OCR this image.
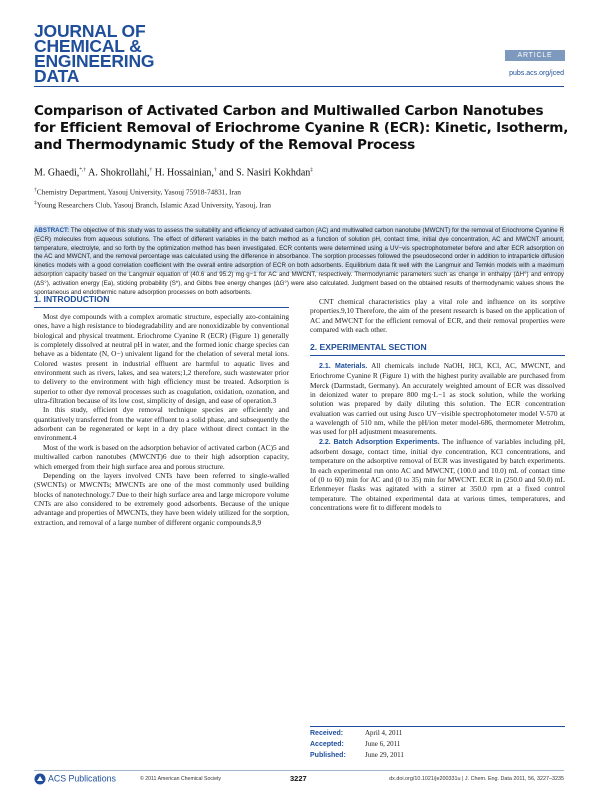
JOURNAL OF
CHEMICAL &
ENGINEERING
DATA
ARTICLE
pubs.acs.org/jced
Comparison of Activated Carbon and Multiwalled Carbon Nanotubes for Efficient Removal of Eriochrome Cyanine R (ECR): Kinetic, Isotherm, and Thermodynamic Study of the Removal Process
M. Ghaedi,*,† A. Shokrollahi,† H. Hossainian,† and S. Nasiri Kokhdan‡
†Chemistry Department, Yasouj University, Yasouj 75918-74831, Iran
‡Young Researchers Club, Yasouj Branch, Islamic Azad University, Yasouj, Iran
ABSTRACT: The objective of this study was to assess the suitability and efficiency of activated carbon (AC) and multiwalled carbon nanotube (MWCNT) for the removal of Eriochrome Cyanine R (ECR) molecules from aqueous solutions. The effect of different variables in the batch method as a function of solution pH, contact time, initial dye concentration, AC and MWCNT amount, temperature, electrolyte, and so forth by the optimization method has been investigated. ECR contents were determined using a UV−vis spectrophotometer before and after ECR adsorption on the AC and MWCNT, and the removal percentage was calculated using the difference in absorbance. The sorption processes followed the pseudosecond order in addition to intraparticle diffusion kinetics models with a good correlation coefficient with the overall entire adsorption of ECR on both adsorbents. Equilibrium data fit well with the Langmuir and Temkin models with a maximum adsorption capacity based on the Langmuir equation of (40.6 and 95.2) mg·g−1 for AC and MWCNT, respectively. Thermodynamic parameters such as change in enthalpy (ΔH°) and entropy (ΔS°), activation energy (Ea), sticking probability (S*), and Gibbs free energy changes (ΔG°) were also calculated. Judgment based on the obtained results of thermodynamic values shows the spontaneous and endothermic nature adsorption processes on both adsorbents.
1. INTRODUCTION

Most dye compounds with a complex aromatic structure, especially azo-containing ones, have a high resistance to biodegradability and are nonoxidizable by conventional biological and physical treatment. Eriochrome Cyanine R (ECR) (Figure 1) generally is completely dissolved at neutral pH in water, and the formed ionic charge species can behave as a bidentate (N, O−) univalent ligand for the chelation of several metal ions. Colored wastes present in industrial effluent are harmful to aquatic lives and environment such as rivers, lakes, and sea waters;1,2 therefore, such wastewater prior to delivery to the environment with high efficiency must be treated. Adsorption is superior to other dye removal processes such as coagulation, oxidation, ozonation, and ultra-filtration because of its low cost, simplicity of design, and ease of operation.3

In this study, efficient dye removal technique species are efficiently and quantitatively transferred from the water effluent to a solid phase, and subsequently the adsorbent can be regenerated or kept in a dry place without direct contact in the environment.4

Most of the work is based on the adsorption behavior of activated carbon (AC)5 and multiwalled carbon nanotubes (MWCNT)6 due to their high adsorption capacity, which emerged from their high surface area and porous structure.

Depending on the layers involved CNTs have been referred to single-walled (SWCNTs) or MWCNTs; MWCNTs are one of the most commonly used building blocks of nanotechnology.7 Due to their high surface area and large micropore volume CNTs are also considered to be extremely good adsorbents. Because of the unique advantage and properties of MWCNTs, they have been widely utilized for the sorption, extraction, and removal of a large number of different organic compounds.8,9

CNT chemical characteristics play a vital role and influence on its sorptive properties.9,10 Therefore, the aim of the present research is based on the application of AC and MWCNT for the efficient removal of ECR, and their removal properties were compared with each other.

2. EXPERIMENTAL SECTION

2.1. Materials. All chemicals include NaOH, HCl, KCl, AC, MWCNT, and Eriochrome Cyanine R (Figure 1) with the highest purity available are purchased from Merck (Darmstadt, Germany). An accurately weighted amount of ECR was dissolved in deionized water to prepare 800 mg·L−1 as stock solution, while the working solution was prepared by daily diluting this solution. The ECR concentration evaluation was carried out using Jusco UV−visible spectrophotometer model V-570 at a wavelength of 510 nm, while the pH/ion meter model-686, thermometer Metrohm, was used for pH adjustment measurements.

2.2. Batch Adsorption Experiments. The influence of variables including pH, adsorbent dosage, contact time, initial dye concentration, KCl concentrations, and temperature on the adsorptive removal of ECR was investigated by batch experiments. In each experimental run onto AC and MWCNT, (100.0 and 10.0) mL of contact time of (0 to 60) min for AC and (0 to 35) min for MWCNT. ECR in (250.0 and 50.0) mL Erlenmeyer flasks was agitated with a stirrer at 350.0 rpm at a fixed control temperature. The obtained experimental data at various times, temperatures, and concentrations were fit to different models to

Received:	April 4, 2011
Accepted:	June 6, 2011
Published:	June 29, 2011
ACS Publications	© 2011 American Chemical Society	3227	dx.doi.org/10.1021/je200331u | J. Chem. Eng. Data 2011, 56, 3227–3235
